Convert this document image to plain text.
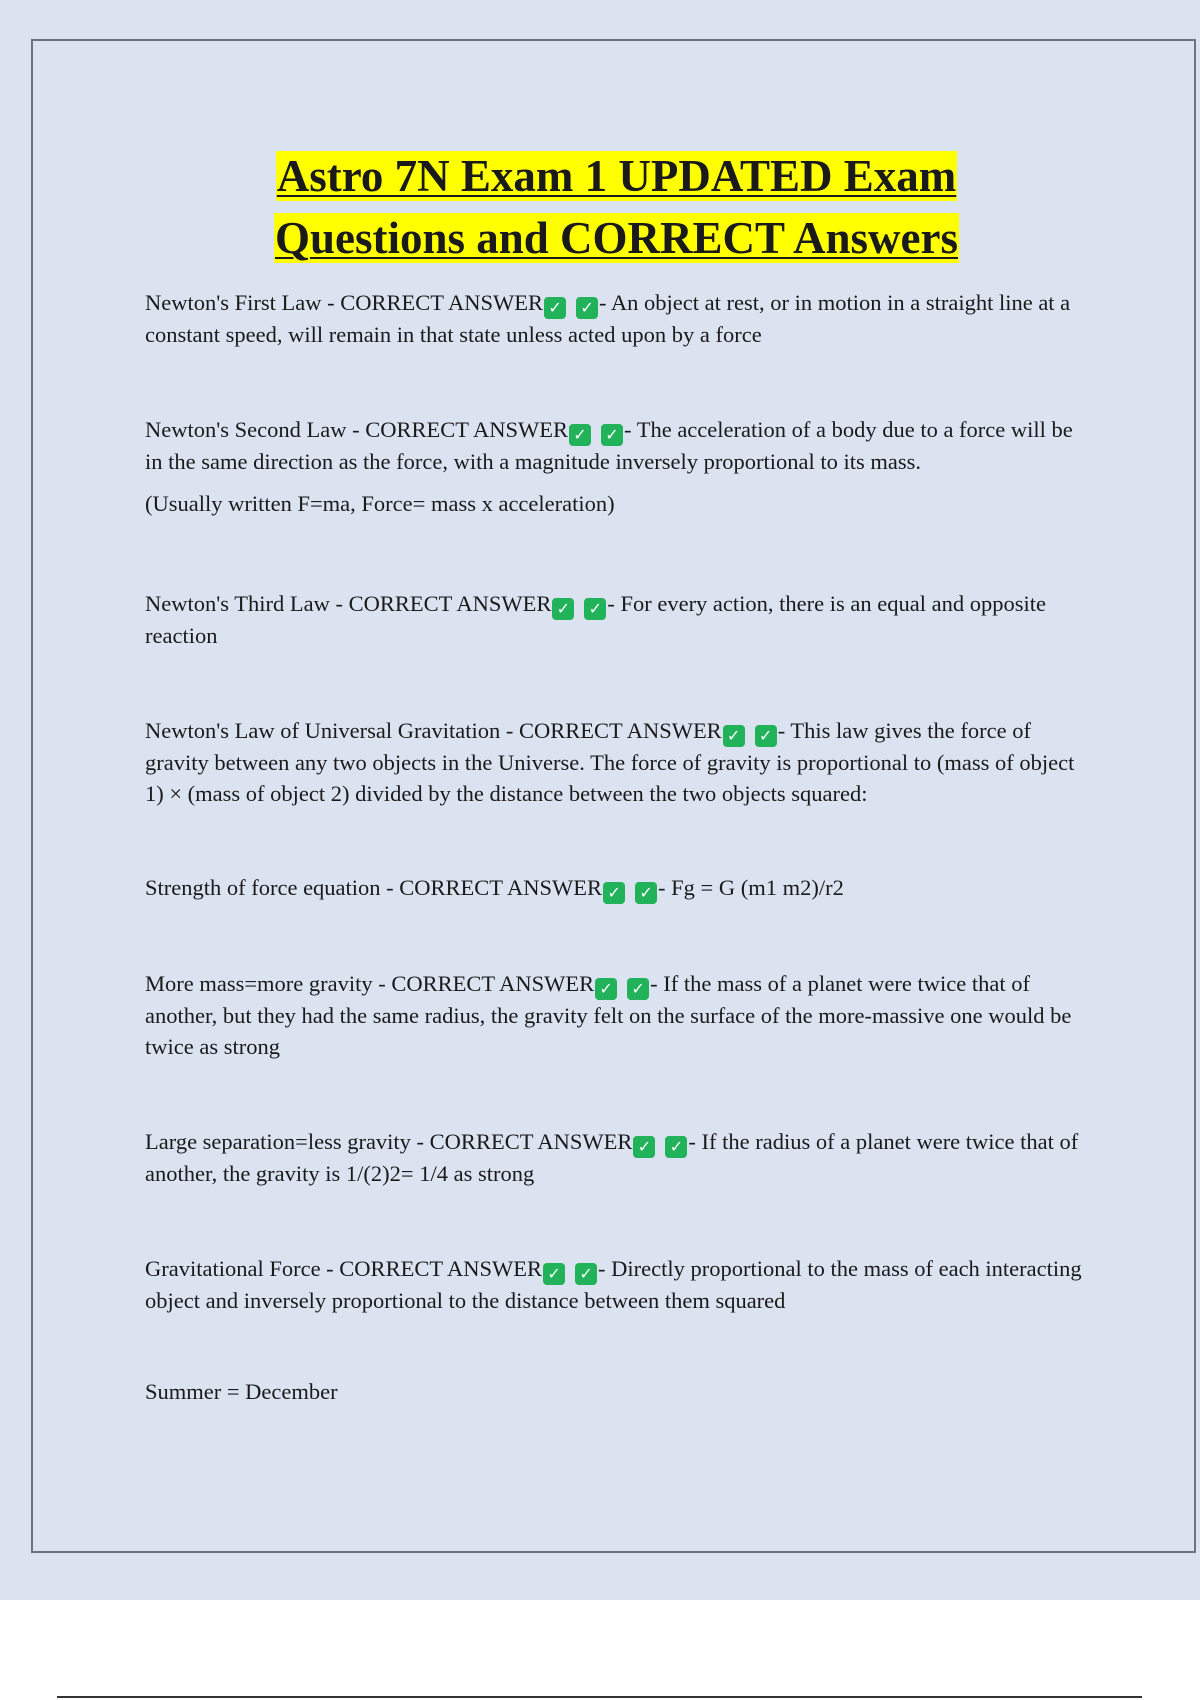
Astro 7N Exam 1 UPDATED Exam
Questions and CORRECT Answers
Newton's First Law - CORRECT ANSWER ✓ ✓ - An object at rest, or in motion in a straight line at a constant speed, will remain in that state unless acted upon by a force
Newton's Second Law - CORRECT ANSWER ✓ ✓ - The acceleration of a body due to a force will be in the same direction as the force, with a magnitude inversely proportional to its mass.
(Usually written F=ma, Force= mass x acceleration)
Newton's Third Law - CORRECT ANSWER ✓ ✓ - For every action, there is an equal and opposite reaction
Newton's Law of Universal Gravitation - CORRECT ANSWER ✓ ✓ - This law gives the force of gravity between any two objects in the Universe. The force of gravity is proportional to (mass of object 1) × (mass of object 2) divided by the distance between the two objects squared:
Strength of force equation - CORRECT ANSWER ✓ ✓ - Fg = G (m1 m2)/r2
More mass=more gravity - CORRECT ANSWER ✓ ✓ - If the mass of a planet were twice that of another, but they had the same radius, the gravity felt on the surface of the more-massive one would be twice as strong
Large separation=less gravity - CORRECT ANSWER ✓ ✓ - If the radius of a planet were twice that of another, the gravity is 1/(2)2= 1/4 as strong
Gravitational Force - CORRECT ANSWER ✓ ✓ - Directly proportional to the mass of each interacting object and inversely proportional to the distance between them squared
Summer = December
